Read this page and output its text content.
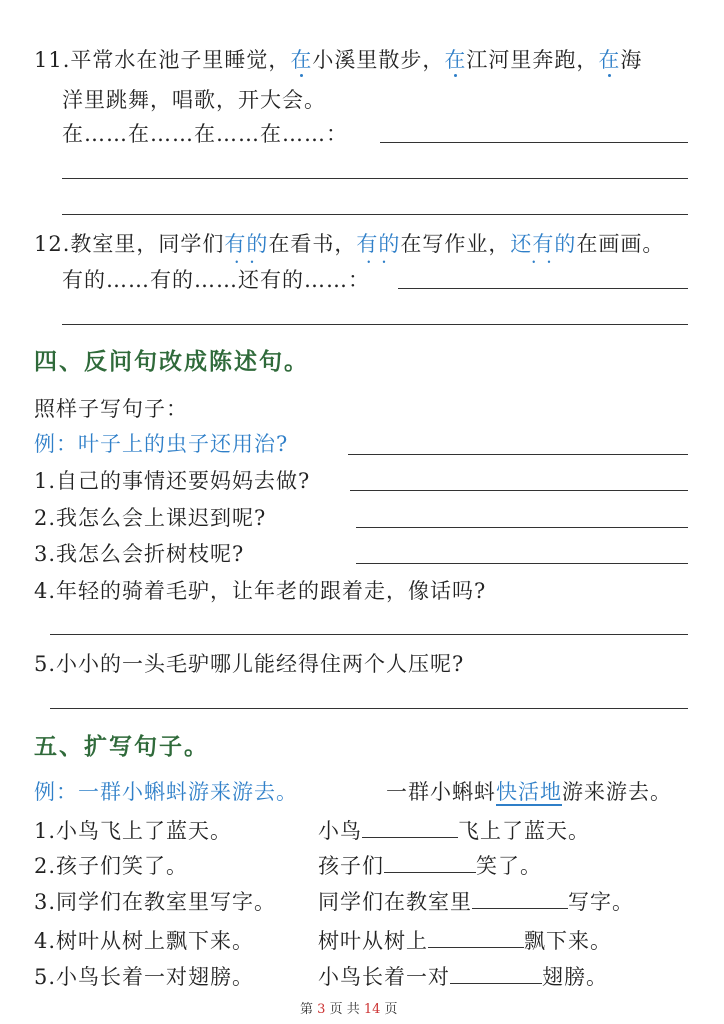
11.平常水在池子里睡觉，在小溪里散步，在江河里奔跑，在海
洋里跳舞，唱歌，开大会。
在……在……在……在……：
12.教室里，同学们有的 • •在看书，有的 • •在写作业，还有的 • •在画画。
有的……有的……还有的……：
四、反问句改成陈述句。
照样子写句子：
例：叶子上的虫子还用治?
1.自己的事情还要妈妈去做?
2.我怎么会上课迟到呢?
3.我怎么会折树枝呢?
4.年轻的骑着毛驴，让年老的跟着走，像话吗?
5.小小的一头毛驴哪儿能经得住两个人压呢?
五、扩写句子。
例：一群小蝌蚪游来游去。	一群小蝌蚪快活地游来游去。
1.小鸟飞上了蓝天。	小鸟	飞上了蓝天。
2.孩子们笑了。	孩子们	笑了。
3.同学们在教室里写字。 同学们在教室里	写字。
4.树叶从树上飘下来。	树叶从树上	飘下来。
5.小鸟长着一对翅膀。	小鸟长着一对	翅膀。
第 3 页 共 14 页
